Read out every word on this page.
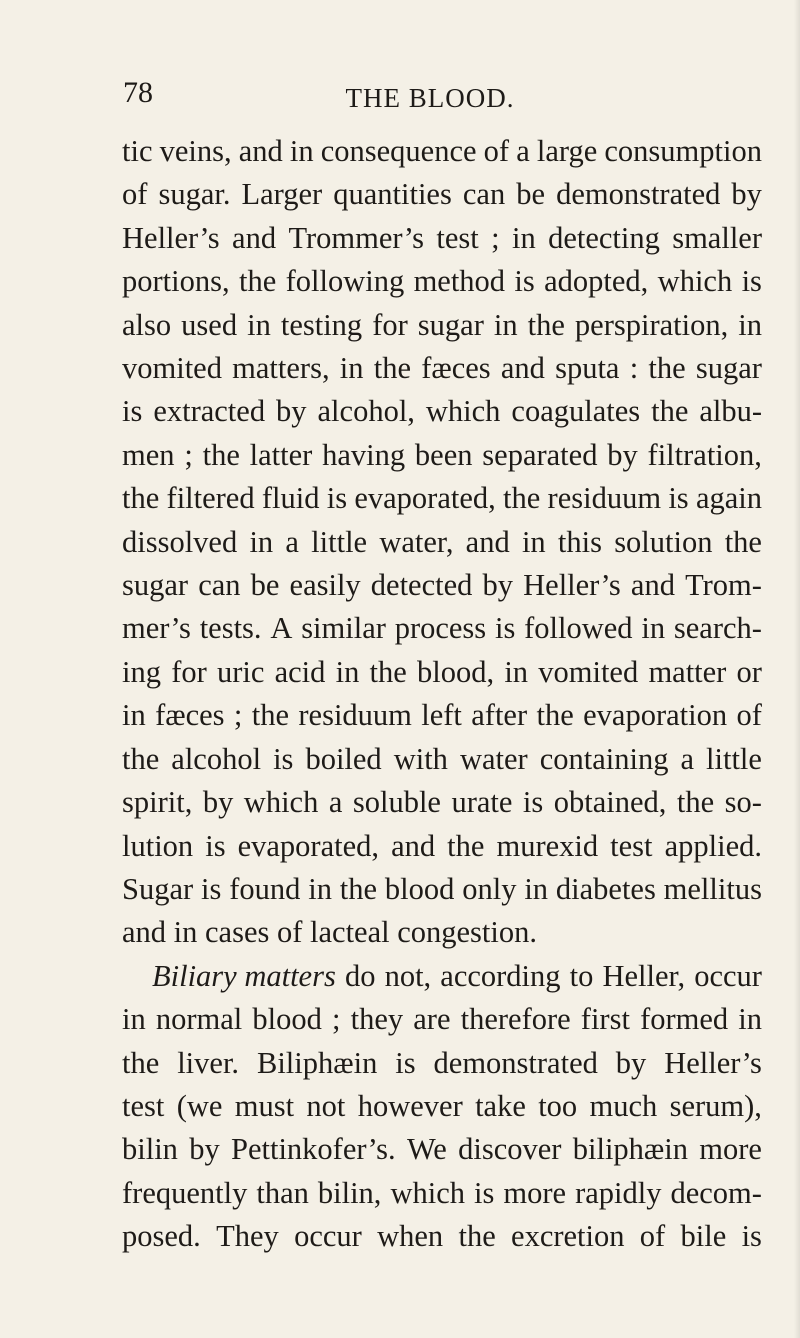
78	THE BLOOD.
tic veins, and in consequence of a large consumption
of sugar. Larger quantities can be demonstrated by
Heller’s and Trommer’s test ; in detecting smaller
portions, the following method is adopted, which is
also used in testing for sugar in the perspiration, in
vomited matters, in the fæces and sputa : the sugar
is extracted by alcohol, which coagulates the albu-
men ; the latter having been separated by filtration,
the filtered fluid is evaporated, the residuum is again
dissolved in a little water, and in this solution the
sugar can be easily detected by Heller’s and Trom-
mer’s tests. A similar process is followed in search-
ing for uric acid in the blood, in vomited matter or
in fæces ; the residuum left after the evaporation of
the alcohol is boiled with water containing a little
spirit, by which a soluble urate is obtained, the so-
lution is evaporated, and the murexid test applied.
Sugar is found in the blood only in diabetes mellitus
and in cases of lacteal congestion.
Biliary matters do not, according to Heller, occur
in normal blood ; they are therefore first formed in
the liver. Biliphæin is demonstrated by Heller’s
test (we must not however take too much serum),
bilin by Pettinkofer’s. We discover biliphæin more
frequently than bilin, which is more rapidly decom-
posed. They occur when the excretion of bile is
